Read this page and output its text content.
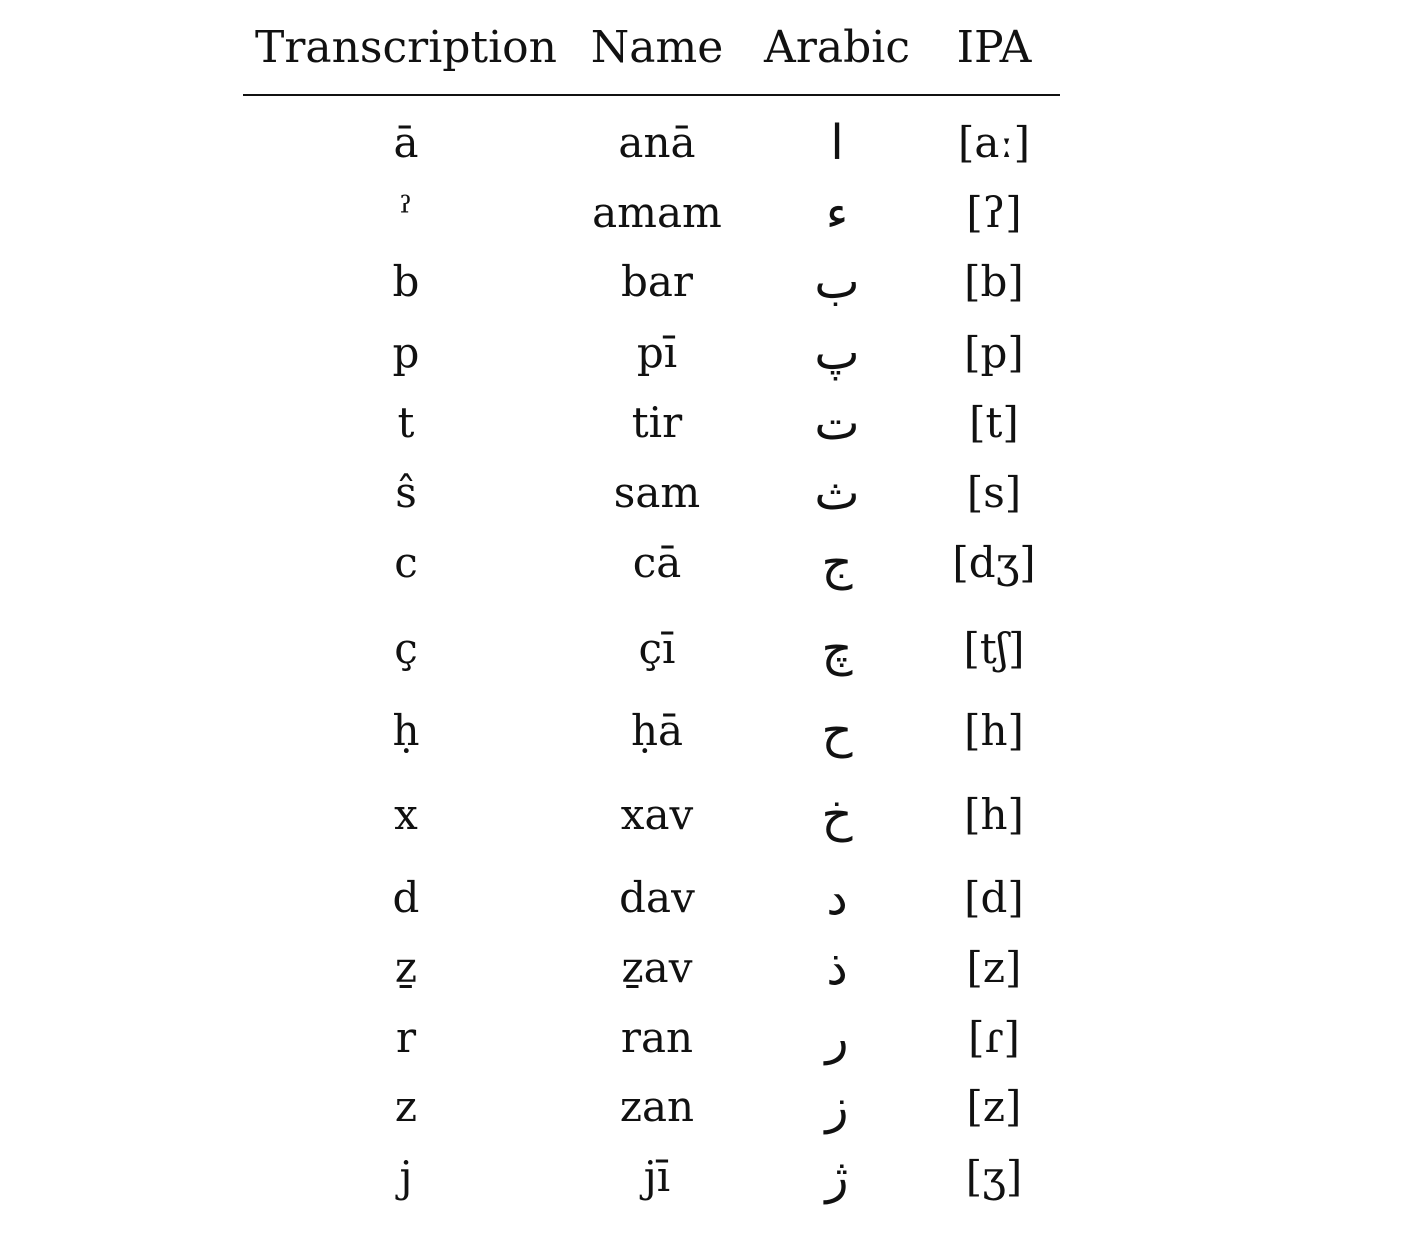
Transcription Name Arabic IPA
ā	anā	ا	[aː]
ˀ	amam ء	[ʔ]
b	bar	ب [b]
p	pī	پ [p]
t	tir	ت	[t]
ŝ	sam ث	[s]
c	cā	ج [dʒ]
ç	çī	چ	[tʃ]
ḥ	ḥā	ح	[h]
x	xav	خ	[h]
d	dav	د	[d]
ẕ	ẕav	ذ	[z]
r	ran	ر	[ɾ]
z	zan	ز	[z]
j	jī	ژ	[ʒ]
